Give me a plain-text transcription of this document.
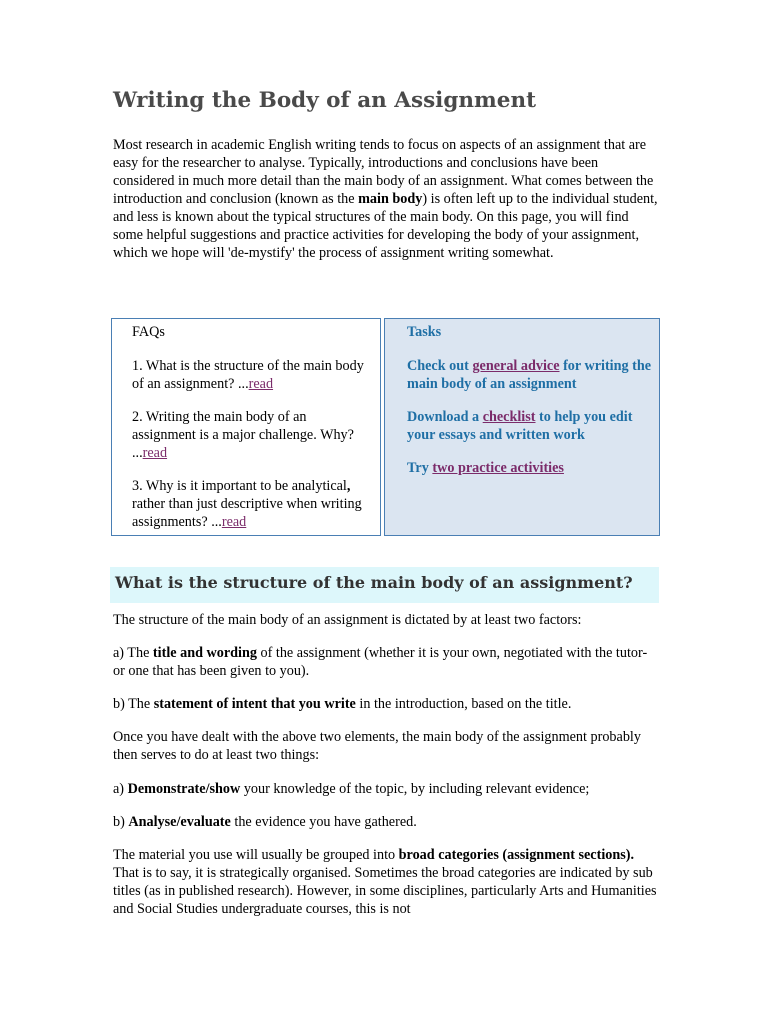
Writing the Body of an Assignment

Most research in academic English writing tends to focus on aspects of an assignment that are easy for the researcher to analyse. Typically, introductions and conclusions have been considered in much more detail than the main body of an assignment. What comes between the introduction and conclusion (known as the main body) is often left up to the individual student, and less is known about the typical structures of the main body. On this page, you will find some helpful suggestions and practice activities for developing the body of your assignment, which we hope will 'de-mystify' the process of assignment writing somewhat.

FAQs

1. What is the structure of the main body of an assignment? ...read

2. Writing the main body of an assignment is a major challenge. Why? ...read

3. Why is it important to be analytical, rather than just descriptive when writing assignments? ...read

Tasks

Check out general advice for writing the main body of an assignment

Download a checklist to help you edit your essays and written work

Try two practice activities

What is the structure of the main body of an assignment?

The structure of the main body of an assignment is dictated by at least two factors:

a) The title and wording of the assignment (whether it is your own, negotiated with the tutor- or one that has been given to you).

b) The statement of intent that you write in the introduction, based on the title.

Once you have dealt with the above two elements, the main body of the assignment probably then serves to do at least two things:

a) Demonstrate/show your knowledge of the topic, by including relevant evidence;

b) Analyse/evaluate the evidence you have gathered.

The material you use will usually be grouped into broad categories (assignment sections). That is to say, it is strategically organised. Sometimes the broad categories are indicated by sub titles (as in published research). However, in some disciplines, particularly Arts and Humanities and Social Studies undergraduate courses, this is not
